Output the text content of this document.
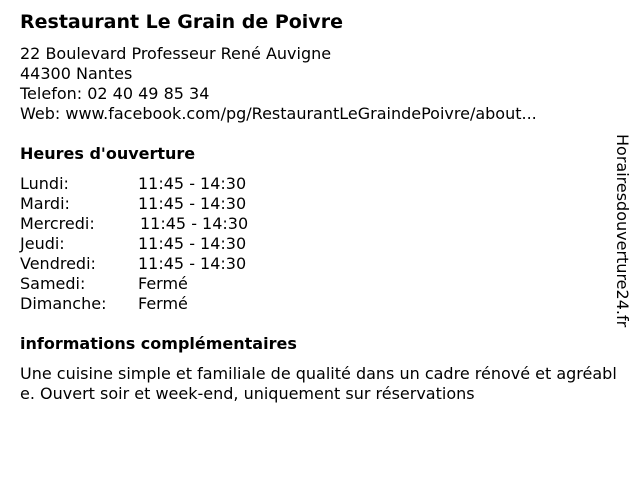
Restaurant Le Grain de Poivre
22 Boulevard Professeur René Auvigne
44300 Nantes
Telefon: 02 40 49 85 34
Web: www.facebook.com/pg/RestaurantLeGraindePoivre/about...
Heures d'ouverture
Lundi:	11:45 - 14:30
Mardi:	11:45 - 14:30
Mercredi:	11:45 - 14:30
Jeudi:	11:45 - 14:30
Vendredi:	11:45 - 14:30
Samedi:	Fermé
Dimanche: Fermé
informations complémentaires
Une cuisine simple et familiale de qualité dans un cadre rénové et agréable. Ouvert soir et week-end, uniquement sur réservations
Horairesdouverture24.fr
